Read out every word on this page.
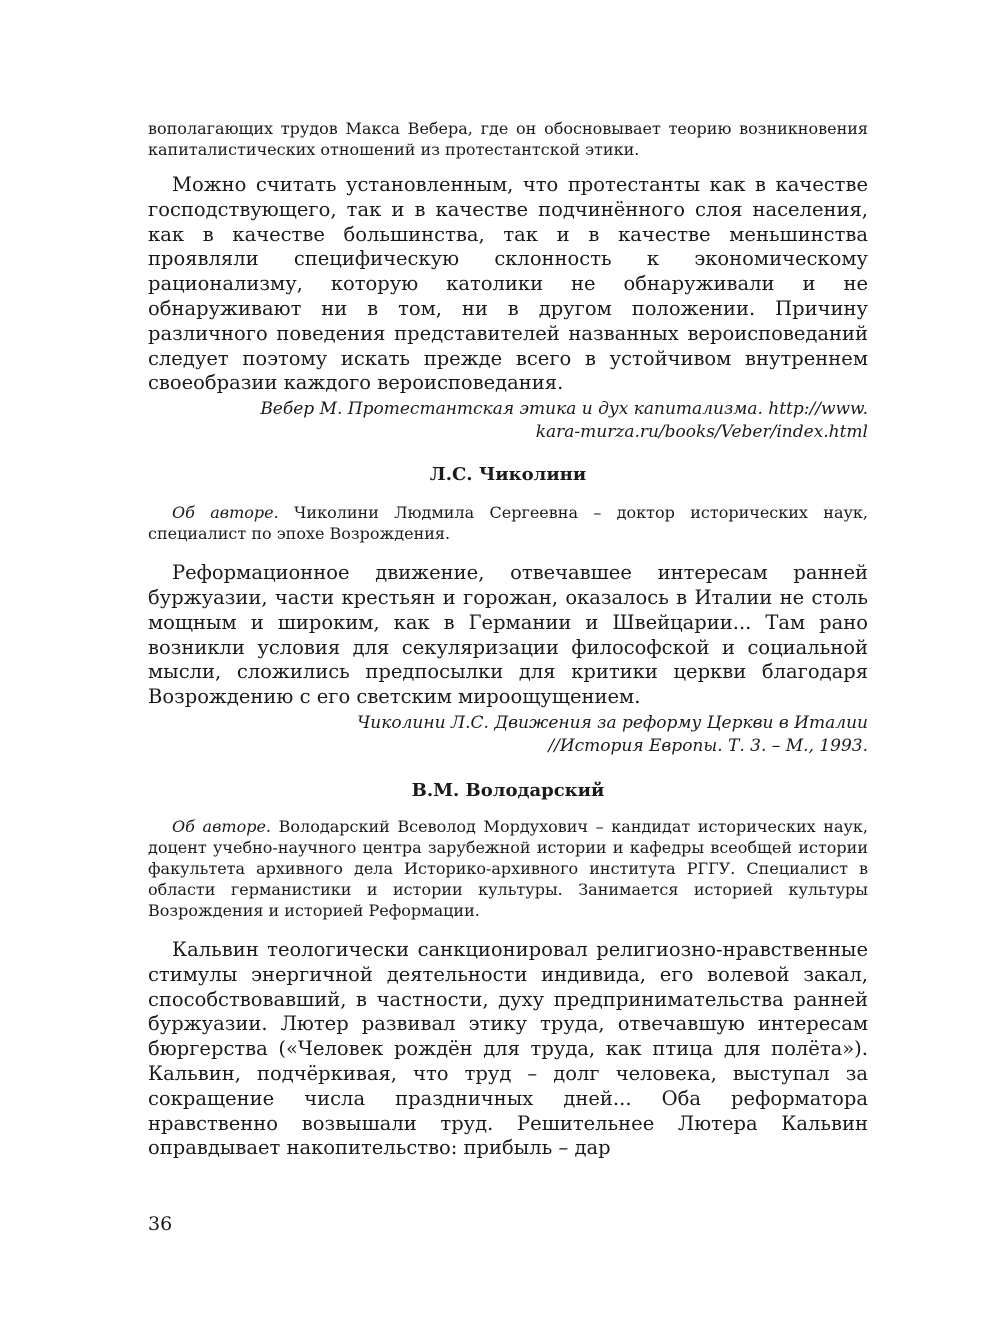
вополагающих трудов Макса Вебера, где он обосновывает теорию возникновения капиталистических отношений из протестантской этики.

Можно считать установленным, что протестанты как в качестве господствующего, так и в качестве подчинённого слоя населения, как в качестве большинства, так и в качестве меньшинства проявляли специфическую склонность к экономическому рационализму, которую католики не обнаруживали и не обнаруживают ни в том, ни в другом положении. Причину различного поведения представителей названных вероисповеданий следует поэтому искать прежде всего в устойчивом внутреннем своеобразии каждого вероисповедания.

Вебер М. Протестантская этика и дух капитализма. http://www.

kara-murza.ru/books/Veber/index.html

Л.С. Чиколини

Об авторе. Чиколини Людмила Сергеевна – доктор исторических наук, специалист по эпохе Возрождения.

Реформационное движение, отвечавшее интересам ранней буржуазии, части крестьян и горожан, оказалось в Италии не столь мощным и широким, как в Германии и Швейцарии... Там рано возникли условия для секуляризации философской и социальной мысли, сложились предпосылки для критики церкви благодаря Возрождению с его светским мироощущением.

Чиколини Л.С. Движения за реформу Церкви в Италии

//История Европы. Т. 3. – М., 1993.

В.М. Володарский

Об авторе. Володарский Всеволод Мордухович – кандидат исторических наук, доцент учебно-научного центра зарубежной истории и кафедры всеобщей истории факультета архивного дела Историко-архивного института РГГУ. Специалист в области германистики и истории культуры. Занимается историей культуры Возрождения и историей Реформации.

Кальвин теологически санкционировал религиозно-нравственные стимулы энергичной деятельности индивида, его волевой закал, способствовавший, в частности, духу предпринимательства ранней буржуазии. Лютер развивал этику труда, отвечавшую интересам бюргерства («Человек рождён для труда, как птица для полёта»). Кальвин, подчёркивая, что труд – долг человека, выступал за сокращение числа праздничных дней... Оба реформатора нравственно возвышали труд. Решительнее Лютера Кальвин оправдывает накопительство: прибыль – дар

36
